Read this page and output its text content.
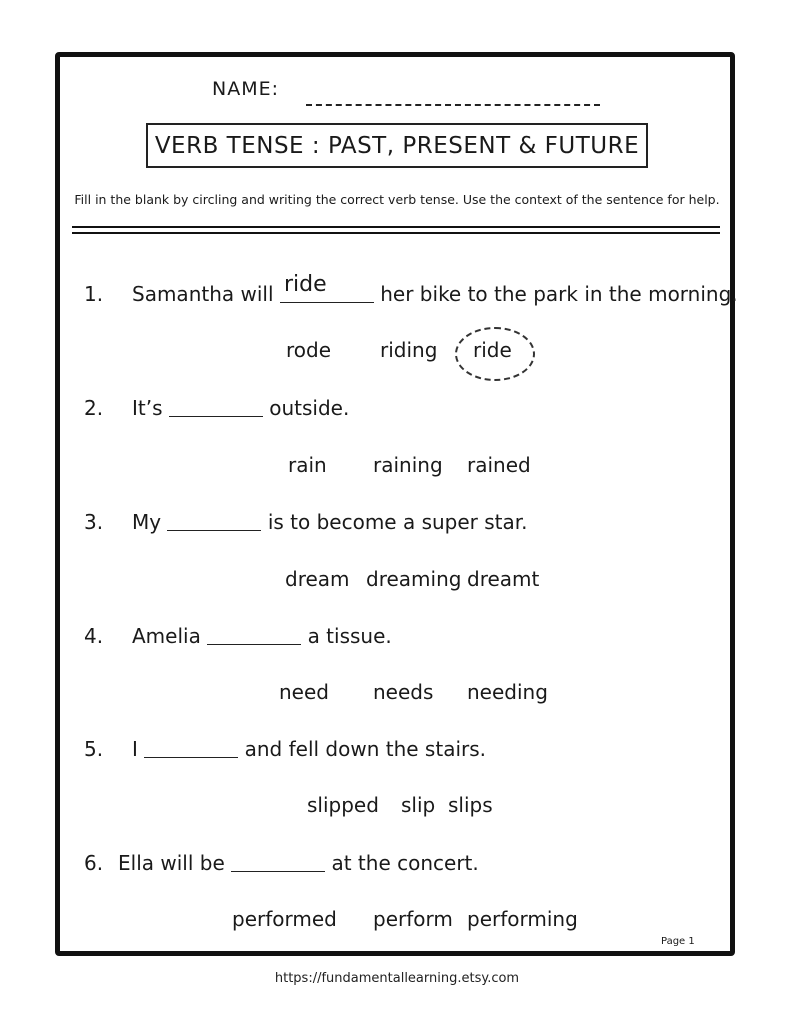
NAME:
VERB TENSE : PAST, PRESENT & FUTURE
Fill in the blank by circling and writing the correct verb tense. Use the context of the sentence for help.
1. Samantha will	her bike to the park in the morning.
ride
rode riding ride
2. It’s	outside.
rain raining rained
3. My	is to become a super star.
dream dreaming dreamt
4. Amelia	a tissue.
need needs needing
5. I	and fell down the stairs.
slipped slip slips
6. Ella will be	at the concert.
performed perform performing
Page 1
https://fundamentallearning.etsy.com
